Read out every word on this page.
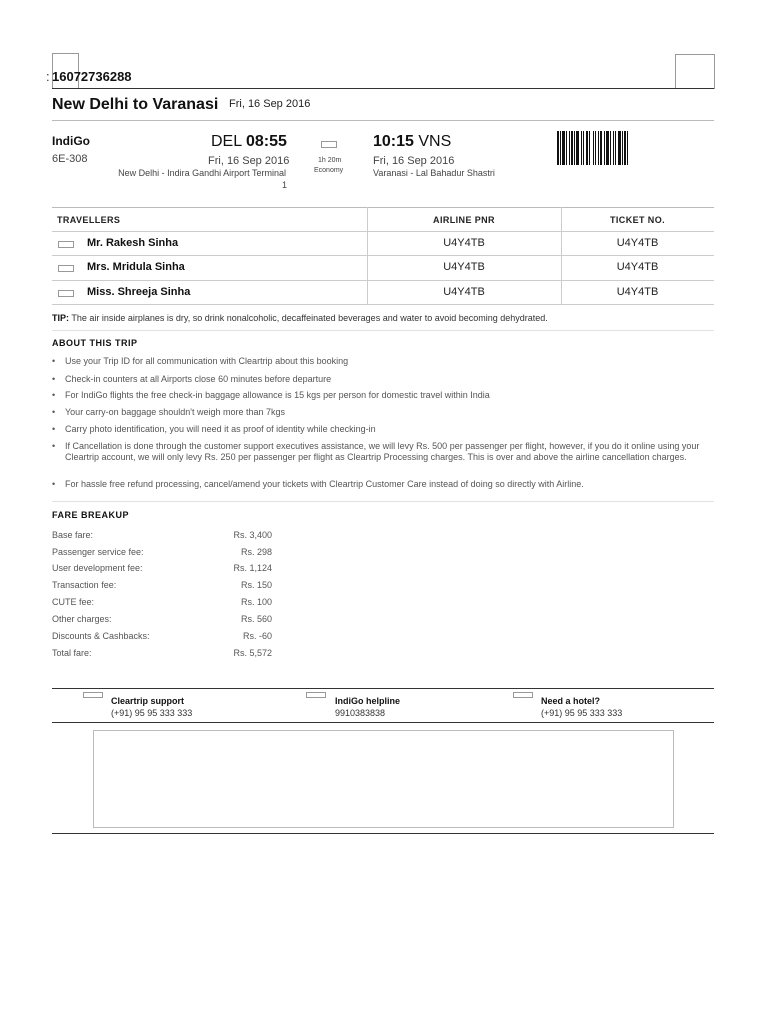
: 16072736288
New Delhi to Varanasi Fri, 16 Sep 2016
IndiGo
6E-308
DEL 08:55
Fri, 16 Sep 2016
New Delhi - Indira Gandhi Airport Terminal
1
1h 20m
Economy
10:15 VNS
Fri, 16 Sep 2016
Varanasi - Lal Bahadur Shastri
TRAVELLERS	AIRLINE PNR	TICKET NO.
Mr. Rakesh Sinha	U4Y4TB	U4Y4TB
Mrs. Mridula Sinha	U4Y4TB	U4Y4TB
Miss. Shreeja Sinha	U4Y4TB	U4Y4TB
TIP: The air inside airplanes is dry, so drink nonalcoholic, decaffeinated beverages and water to avoid becoming dehydrated.
ABOUT THIS TRIP
• Use your Trip ID for all communication with Cleartrip about this booking
• Check-in counters at all Airports close 60 minutes before departure
• For IndiGo flights the free check-in baggage allowance is 15 kgs per person for domestic travel within India
• Your carry-on baggage shouldn't weigh more than 7kgs
• Carry photo identification, you will need it as proof of identity while checking-in
• If Cancellation is done through the customer support executives assistance, we will levy Rs. 500 per passenger per flight, however, if you do it online using your Cleartrip account, we will only levy Rs. 250 per passenger per flight as Cleartrip Processing charges. This is over and above the airline cancellation charges.
• For hassle free refund processing, cancel/amend your tickets with Cleartrip Customer Care instead of doing so directly with Airline.
FARE BREAKUP
Base fare:	Rs. 3,400
Passenger service fee:	Rs. 298
User development fee:	Rs. 1,124
Transaction fee:	Rs. 150
CUTE fee:	Rs. 100
Other charges:	Rs. 560
Discounts & Cashbacks:	Rs. -60
Total fare:	Rs. 5,572
Cleartrip support
(+91) 95 95 333 333
IndiGo helpline
9910383838
Need a hotel?
(+91) 95 95 333 333
